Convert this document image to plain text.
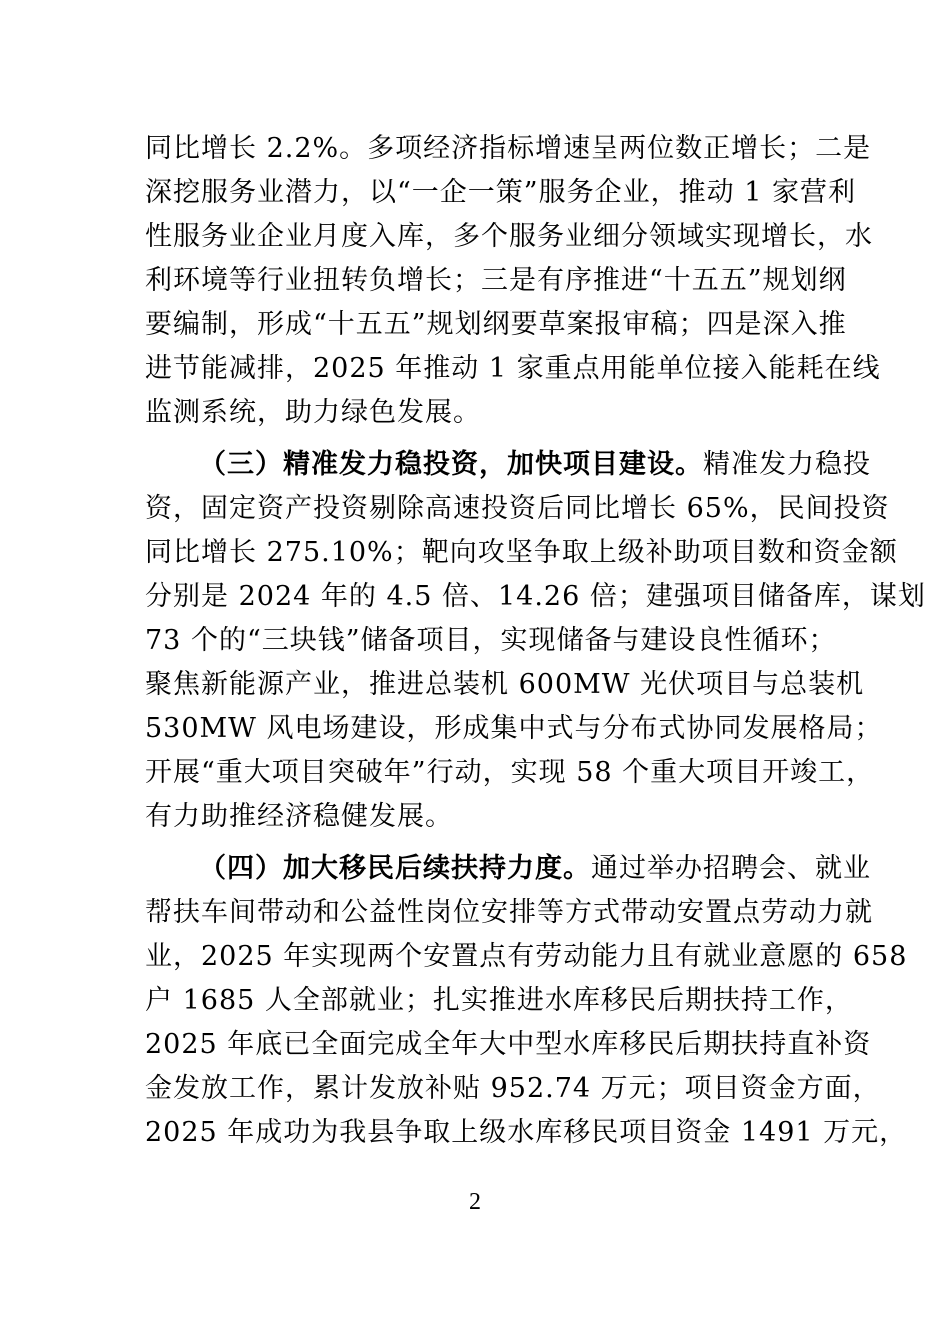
同比增长 2.2%。多项经济指标增速呈两位数正增长；二是
深挖服务业潜力，以“一企一策”服务企业，推动 1 家营利
性服务业企业月度入库，多个服务业细分领域实现增长，水
利环境等行业扭转负增长；三是有序推进“十五五”规划纲
要编制，形成“十五五”规划纲要草案报审稿；四是深入推
进节能减排，2025 年推动 1 家重点用能单位接入能耗在线
监测系统，助力绿色发展。
（三）精准发力稳投资，加快项目建设。精准发力稳投
资，固定资产投资剔除高速投资后同比增长 65%，民间投资
同比增长 275.10%；靶向攻坚争取上级补助项目数和资金额
分别是 2024 年的 4.5 倍、14.26 倍；建强项目储备库，谋划
73 个的“三块钱”储备项目，实现储备与建设良性循环；
聚焦新能源产业，推进总装机 600MW 光伏项目与总装机
530MW 风电场建设，形成集中式与分布式协同发展格局；
开展“重大项目突破年”行动，实现 58 个重大项目开竣工，
有力助推经济稳健发展。
（四）加大移民后续扶持力度。通过举办招聘会、就业
帮扶车间带动和公益性岗位安排等方式带动安置点劳动力就
业，2025 年实现两个安置点有劳动能力且有就业意愿的 658
户 1685 人全部就业；扎实推进水库移民后期扶持工作，
2025 年底已全面完成全年大中型水库移民后期扶持直补资
金发放工作，累计发放补贴 952.74 万元；项目资金方面，
2025 年成功为我县争取上级水库移民项目资金 1491 万元，
2
